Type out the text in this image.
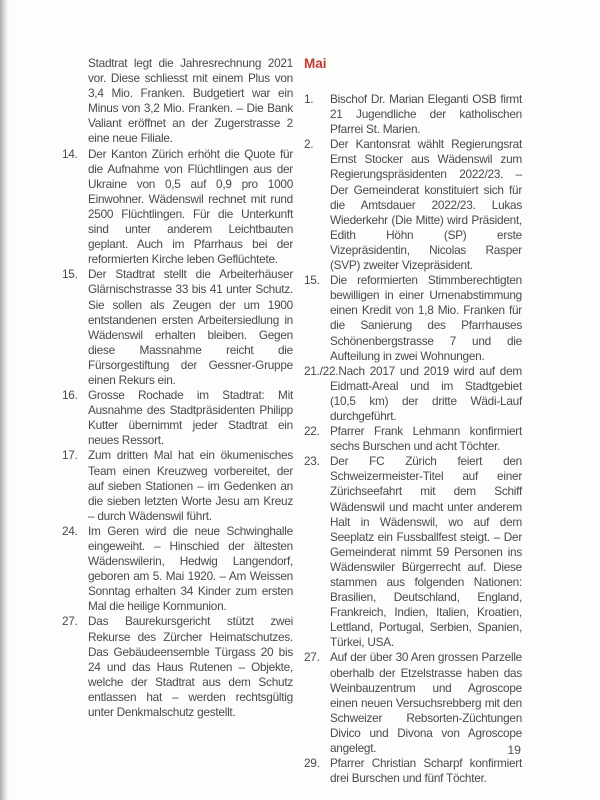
Stadtrat legt die Jahresrechnung 2021 vor. Diese schliesst mit einem Plus von 3,4 Mio. Franken. Budgetiert war ein Minus von 3,2 Mio. Franken. – Die Bank Valiant eröffnet an der Zugerstrasse 2 eine neue Filiale.

14. Der Kanton Zürich erhöht die Quote für die Aufnahme von Flüchtlingen aus der Ukraine von 0,5 auf 0,9 pro 1000 Einwohner. Wädenswil rechnet mit rund 2500 Flüchtlingen. Für die Unterkunft sind unter anderem Leichtbauten geplant. Auch im Pfarrhaus bei der reformierten Kirche leben Geflüchtete.

15. Der Stadtrat stellt die Arbeiterhäuser Glärnischstrasse 33 bis 41 unter Schutz. Sie sollen als Zeugen der um 1900 entstandenen ersten Arbeitersiedlung in Wädenswil erhalten bleiben. Gegen diese Massnahme reicht die Fürsorgestiftung der Gessner-Gruppe einen Rekurs ein.

16. Grosse Rochade im Stadtrat: Mit Ausnahme des Stadtpräsidenten Philipp Kutter übernimmt jeder Stadtrat ein neues Ressort.

17. Zum dritten Mal hat ein ökumenisches Team einen Kreuzweg vorbereitet, der auf sieben Stationen – im Gedenken an die sieben letzten Worte Jesu am Kreuz – durch Wädenswil führt.

24. Im Geren wird die neue Schwinghalle eingeweiht. – Hinschied der ältesten Wädenswilerin, Hedwig Langendorf, geboren am 5. Mai 1920. – Am Weissen Sonntag erhalten 34 Kinder zum ersten Mal die heilige Kommunion.

27. Das Baurekursgericht stützt zwei Rekurse des Zürcher Heimatschutzes. Das Gebäudeensemble Türgass 20 bis 24 und das Haus Rutenen – Objekte, welche der Stadtrat aus dem Schutz entlassen hat – werden rechtsgültig unter Denkmalschutz gestellt.

Mai

1. Bischof Dr. Marian Eleganti OSB firmt 21 Jugendliche der katholischen Pfarrei St. Marien.

2. Der Kantonsrat wählt Regierungsrat Ernst Stocker aus Wädenswil zum Regierungspräsidenten 2022/23. – Der Gemeinderat konstituiert sich für die Amtsdauer 2022/23. Lukas Wiederkehr (Die Mitte) wird Präsident, Edith Höhn (SP) erste Vizepräsidentin, Nicolas Rasper (SVP) zweiter Vizepräsident.

15. Die reformierten Stimmberechtigten bewilligen in einer Urnenabstimmung einen Kredit von 1,8 Mio. Franken für die Sanierung des Pfarrhauses Schönenbergstrasse 7 und die Aufteilung in zwei Wohnungen.

21./22.Nach 2017 und 2019 wird auf dem Eidmatt-Areal und im Stadtgebiet (10,5 km) der dritte Wädi-Lauf durchgeführt.

22. Pfarrer Frank Lehmann konfirmiert sechs Burschen und acht Töchter.

23. Der FC Zürich feiert den Schweizermeister-Titel auf einer Zürichseefahrt mit dem Schiff Wädenswil und macht unter anderem Halt in Wädenswil, wo auf dem Seeplatz ein Fussballfest steigt. – Der Gemeinderat nimmt 59 Personen ins Wädenswiler Bürgerrecht auf. Diese stammen aus folgenden Nationen: Brasilien, Deutschland, England, Frankreich, Indien, Italien, Kroatien, Lettland, Portugal, Serbien, Spanien, Türkei, USA.

27. Auf der über 30 Aren grossen Parzelle oberhalb der Etzelstrasse haben das Weinbauzentrum und Agroscope einen neuen Versuchsrebberg mit den Schweizer Rebsorten-Züchtungen Divico und Divona von Agroscope angelegt.

29. Pfarrer Christian Scharpf konfirmiert drei Burschen und fünf Töchter.

19
